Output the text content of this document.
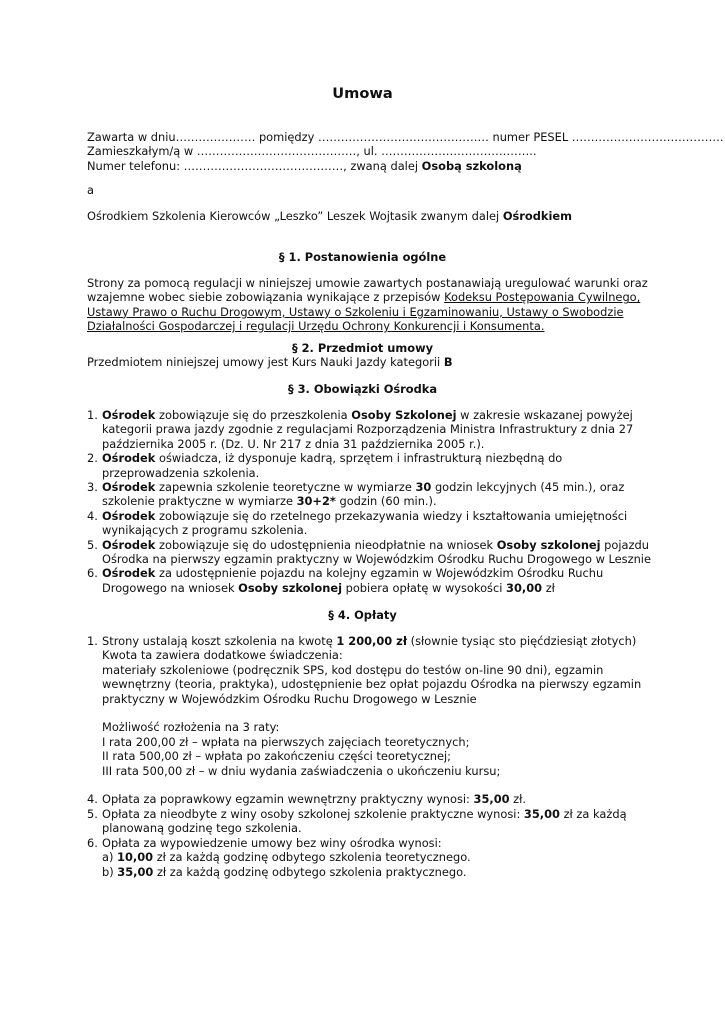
Umowa
Zawarta w dniu………………… pomiędzy ……………………………………… numer PESEL ………………………………….
Zamieszkałym/ą w ……………………………………, ul. …………………………………..
Numer telefonu: ……………………………………, zwaną dalej Osobą szkoloną
a
Ośrodkiem Szkolenia Kierowców „Leszko” Leszek Wojtasik zwanym dalej Ośrodkiem
§ 1. Postanowienia ogólne
Strony za pomocą regulacji w niniejszej umowie zawartych postanawiają uregulować warunki oraz
wzajemne wobec siebie zobowiązania wynikające z przepisów Kodeksu Postępowania Cywilnego,
Ustawy Prawo o Ruchu Drogowym, Ustawy o Szkoleniu i Egzaminowaniu, Ustawy o Swobodzie
Działalności Gospodarczej i regulacji Urzędu Ochrony Konkurencji i Konsumenta.
§ 2. Przedmiot umowy
Przedmiotem niniejszej umowy jest Kurs Nauki Jazdy kategorii B
§ 3. Obowiązki Ośrodka
1. Ośrodek zobowiązuje się do przeszkolenia Osoby Szkolonej w zakresie wskazanej powyżej
kategorii prawa jazdy zgodnie z regulacjami Rozporządzenia Ministra Infrastruktury z dnia 27
października 2005 r. (Dz. U. Nr 217 z dnia 31 października 2005 r.).
2. Ośrodek oświadcza, iż dysponuje kadrą, sprzętem i infrastrukturą niezbędną do
przeprowadzenia szkolenia.
3. Ośrodek zapewnia szkolenie teoretyczne w wymiarze 30 godzin lekcyjnych (45 min.), oraz
szkolenie praktyczne w wymiarze 30+2* godzin (60 min.).
4. Ośrodek zobowiązuje się do rzetelnego przekazywania wiedzy i kształtowania umiejętności
wynikających z programu szkolenia.
5. Ośrodek zobowiązuje się do udostępnienia nieodpłatnie na wniosek Osoby szkolonej pojazdu
Ośrodka na pierwszy egzamin praktyczny w Wojewódzkim Ośrodku Ruchu Drogowego w Lesznie
6. Ośrodek za udostępnienie pojazdu na kolejny egzamin w Wojewódzkim Ośrodku Ruchu
Drogowego na wniosek Osoby szkolonej pobiera opłatę w wysokości 30,00 zł
§ 4. Opłaty
1. Strony ustalają koszt szkolenia na kwotę 1 200,00 zł (słownie tysiąc sto pięćdziesiąt złotych)
Kwota ta zawiera dodatkowe świadczenia:
materiały szkoleniowe (podręcznik SPS, kod dostępu do testów on-line 90 dni), egzamin
wewnętrzny (teoria, praktyka), udostępnienie bez opłat pojazdu Ośrodka na pierwszy egzamin
praktyczny w Wojewódzkim Ośrodku Ruchu Drogowego w Lesznie

Możliwość rozłożenia na 3 raty:
I rata 200,00 zł – wpłata na pierwszych zajęciach teoretycznych;
II rata 500,00 zł – wpłata po zakończeniu części teoretycznej;
III rata 500,00 zł – w dniu wydania zaświadczenia o ukończeniu kursu;

4. Opłata za poprawkowy egzamin wewnętrzny praktyczny wynosi: 35,00 zł.
5. Opłata za nieodbyte z winy osoby szkolonej szkolenie praktyczne wynosi: 35,00 zł za każdą
planowaną godzinę tego szkolenia.
6. Opłata za wypowiedzenie umowy bez winy ośrodka wynosi:
a) 10,00 zł za każdą godzinę odbytego szkolenia teoretycznego.
b) 35,00 zł za każdą godzinę odbytego szkolenia praktycznego.
